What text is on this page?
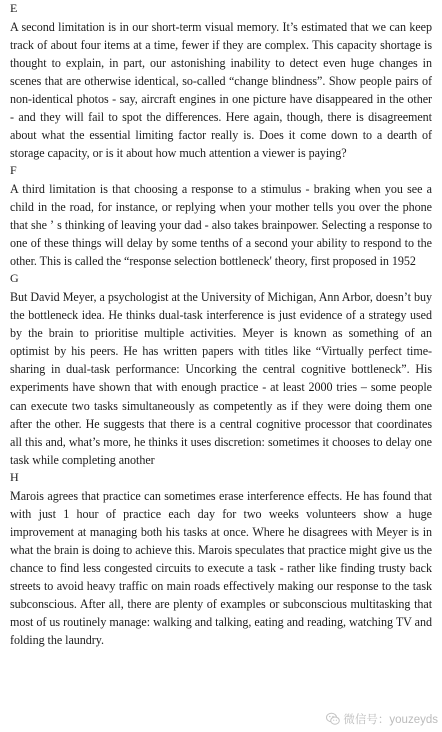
E

A second limitation is in our short-term visual memory. It’s estimated that we can keep track of about four items at a time, fewer if they are complex. This capacity shortage is thought to explain, in part, our astonishing inability to detect even huge changes in scenes that are otherwise identical, so-called “change blindness”. Show people pairs of non-identical photos - say, aircraft engines in one picture have disappeared in the other - and they will fail to spot the differences. Here again, though, there is disagreement about what the essential limiting factor really is. Does it come down to a dearth of storage capacity, or is it about how much attention a viewer is paying?

F

A third limitation is that choosing a response to a stimulus - braking when you see a child in the road, for instance, or replying when your mother tells you over the phone that she ʼ s thinking of leaving your dad - also takes brainpower. Selecting a response to one of these things will delay by some tenths of a second your ability to respond to the other. This is called the “response selection bottleneck' theory, first proposed in 1952

G

But David Meyer, a psychologist at the University of Michigan, Ann Arbor, doesn’t buy the bottleneck idea. He thinks dual-task interference is just evidence of a strategy used by the brain to prioritise multiple activities. Meyer is known as something of an optimist by his peers. He has written papers with titles like “Virtually perfect time-sharing in dual-task performance: Uncorking the central cognitive bottleneck”. His experiments have shown that with enough practice - at least 2000 tries – some people can execute two tasks simultaneously as competently as if they were doing them one after the other. He suggests that there is a central cognitive processor that coordinates all this and, what’s more, he thinks it uses discretion: sometimes it chooses to delay one task while completing another

H

Marois agrees that practice can sometimes erase interference effects. He has found that with just 1 hour of practice each day for two weeks volunteers show a huge improvement at managing both his tasks at once. Where he disagrees with Meyer is in what the brain is doing to achieve this. Marois speculates that practice might give us the chance to find less congested circuits to execute a task - rather like finding trusty back streets to avoid heavy traffic on main roads effectively making our response to the task subconscious. After all, there are plenty of examples or subconscious multitasking that most of us routinely manage: walking and talking, eating and reading, watching TV and folding the laundry.

微信号：youzeyds
